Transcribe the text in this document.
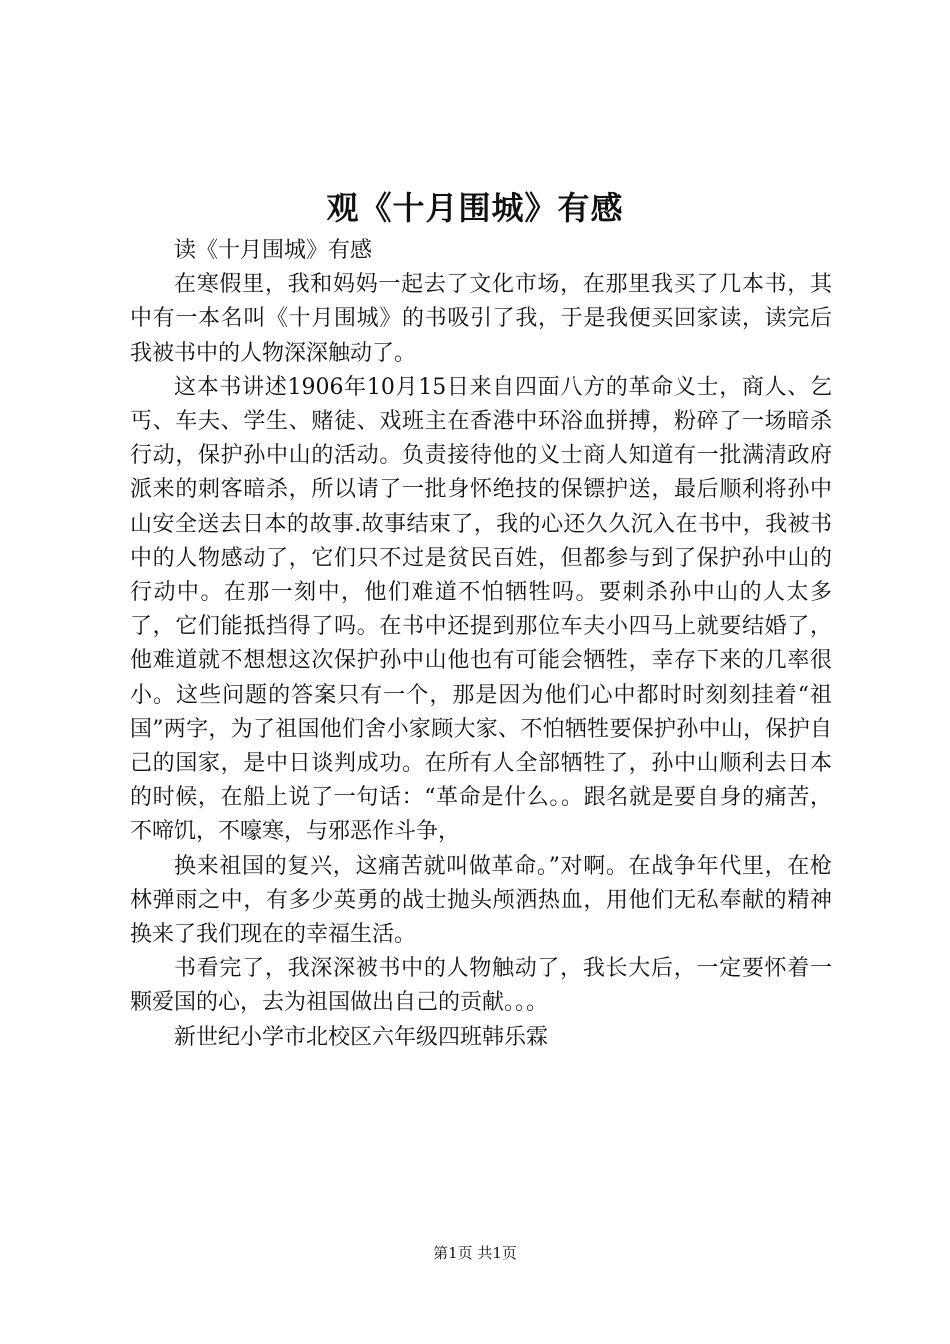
观《十月围城》有感

读《十月围城》有感

在寒假里，我和妈妈一起去了文化市场，在那里我买了几本书，其中有一本名叫《十月围城》的书吸引了我，于是我便买回家读，读完后我被书中的人物深深触动了。

这本书讲述1906年10月15日来自四面八方的革命义士，商人、乞丐、车夫、学生、赌徒、戏班主在香港中环浴血拼搏，粉碎了一场暗杀行动，保护孙中山的活动。负责接待他的义士商人知道有一批满清政府派来的刺客暗杀，所以请了一批身怀绝技的保镖护送，最后顺利将孙中山安全送去日本的故事.故事结束了，我的心还久久沉入在书中，我被书中的人物感动了，它们只不过是贫民百姓，但都参与到了保护孙中山的行动中。在那一刻中，他们难道不怕牺牲吗。要刺杀孙中山的人太多了，它们能抵挡得了吗。在书中还提到那位车夫小四马上就要结婚了，他难道就不想想这次保护孙中山他也有可能会牺牲，幸存下来的几率很小。这些问题的答案只有一个，那是因为他们心中都时时刻刻挂着“祖国”两字，为了祖国他们舍小家顾大家、不怕牺牲要保护孙中山，保护自己的国家，是中日谈判成功。在所有人全部牺牲了，孙中山顺利去日本的时候，在船上说了一句话：“革命是什么。。跟名就是要自身的痛苦，不啼饥，不嚎寒，与邪恶作斗争，

换来祖国的复兴，这痛苦就叫做革命。”对啊。在战争年代里，在枪林弹雨之中，有多少英勇的战士抛头颅洒热血，用他们无私奉献的精神换来了我们现在的幸福生活。

书看完了，我深深被书中的人物触动了，我长大后，一定要怀着一颗爱国的心，去为祖国做出自己的贡献。。。

新世纪小学市北校区六年级四班韩乐霖

第1页 共1页
